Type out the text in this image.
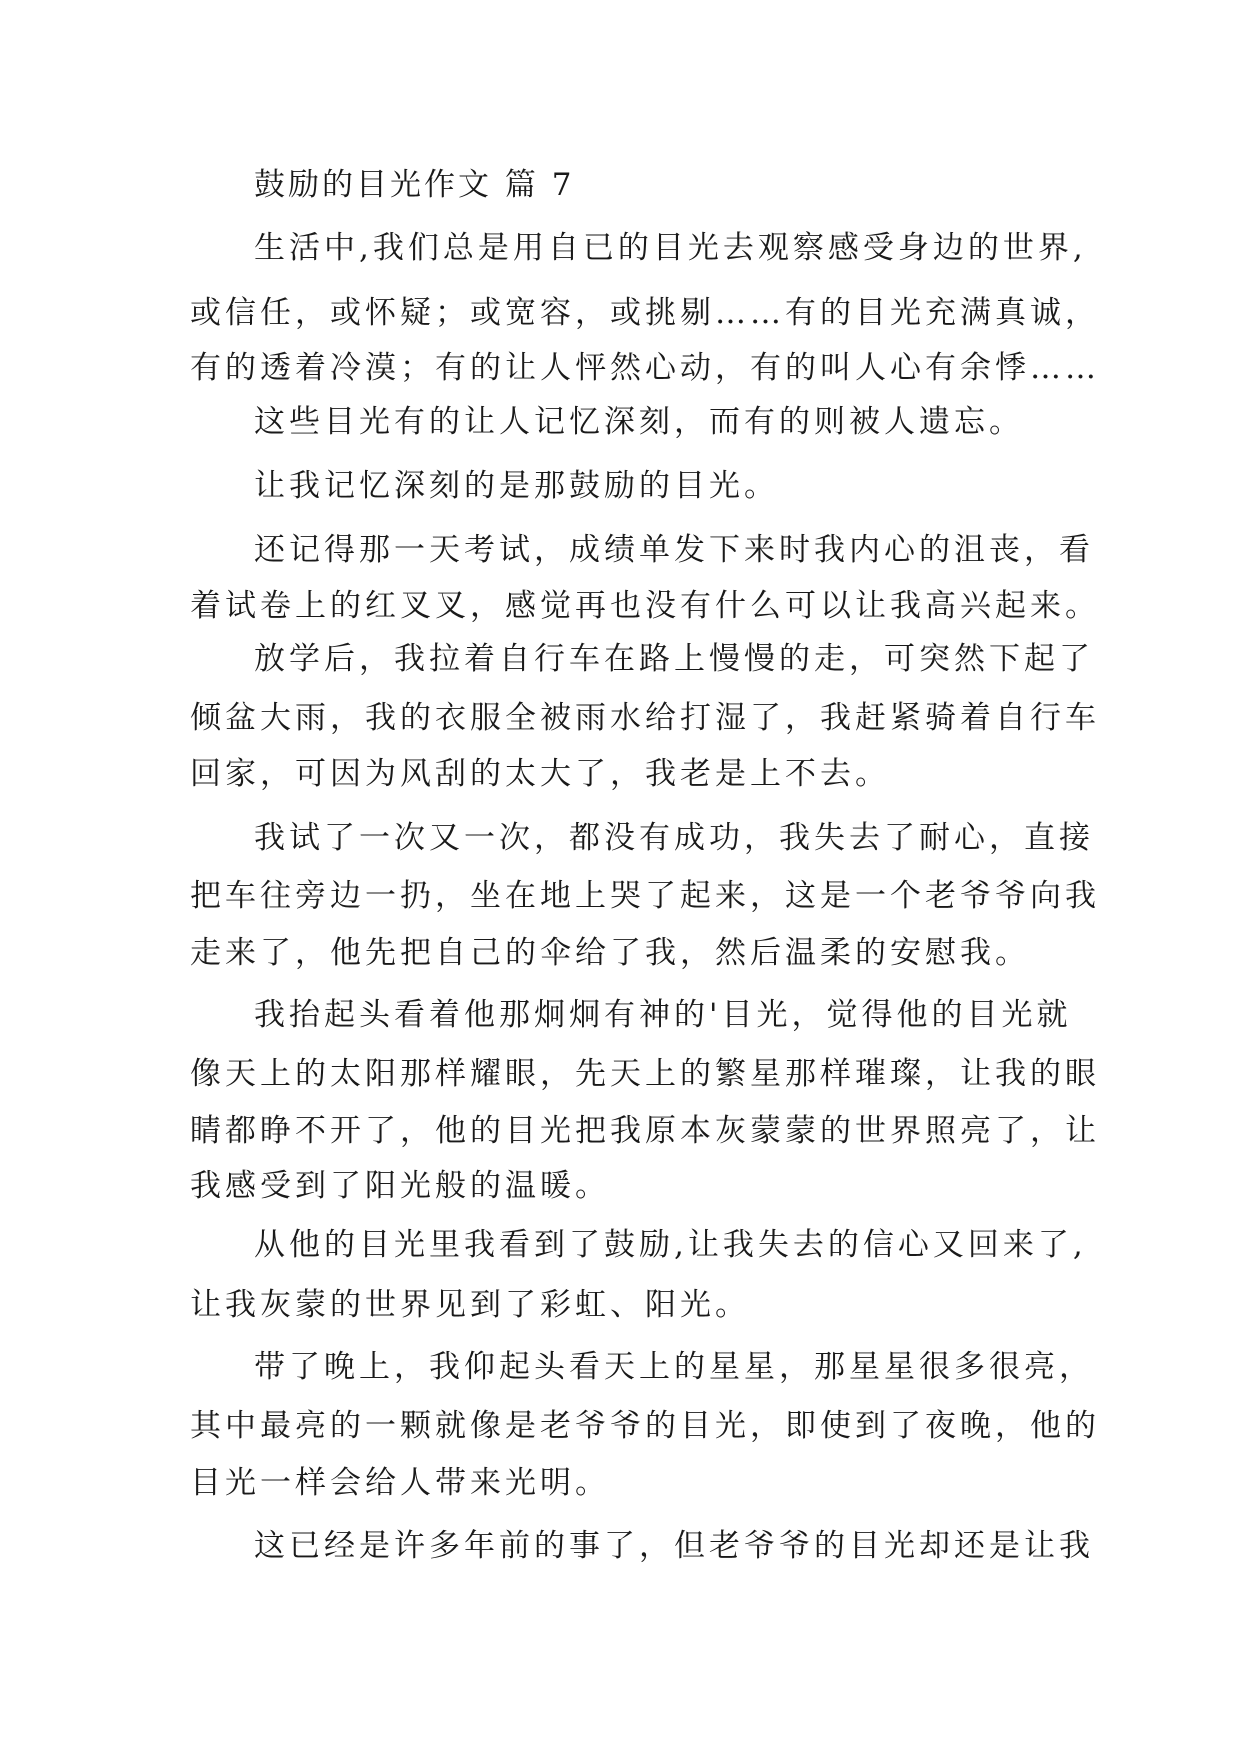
鼓励的目光作文 篇 7
生活中,我们总是用自已的目光去观察感受身边的世界,
或信任，或怀疑；或宽容，或挑剔……有的目光充满真诚，
有的透着冷漠；有的让人怦然心动，有的叫人心有余悸……
这些目光有的让人记忆深刻，而有的则被人遗忘。
让我记忆深刻的是那鼓励的目光。
还记得那一天考试，成绩单发下来时我内心的沮丧，看
着试卷上的红叉叉，感觉再也没有什么可以让我高兴起来。
放学后，我拉着自行车在路上慢慢的走，可突然下起了
倾盆大雨，我的衣服全被雨水给打湿了，我赶紧骑着自行车
回家，可因为风刮的太大了，我老是上不去。
我试了一次又一次，都没有成功，我失去了耐心，直接
把车往旁边一扔，坐在地上哭了起来，这是一个老爷爷向我
走来了，他先把自己的伞给了我，然后温柔的安慰我。
我抬起头看着他那炯炯有神的'目光，觉得他的目光就
像天上的太阳那样耀眼，先天上的繁星那样璀璨，让我的眼
睛都睁不开了，他的目光把我原本灰蒙蒙的世界照亮了，让
我感受到了阳光般的温暖。
从他的目光里我看到了鼓励,让我失去的信心又回来了,
让我灰蒙的世界见到了彩虹、阳光。
带了晚上，我仰起头看天上的星星，那星星很多很亮，
其中最亮的一颗就像是老爷爷的目光，即使到了夜晚，他的
目光一样会给人带来光明。
这已经是许多年前的事了，但老爷爷的目光却还是让我
